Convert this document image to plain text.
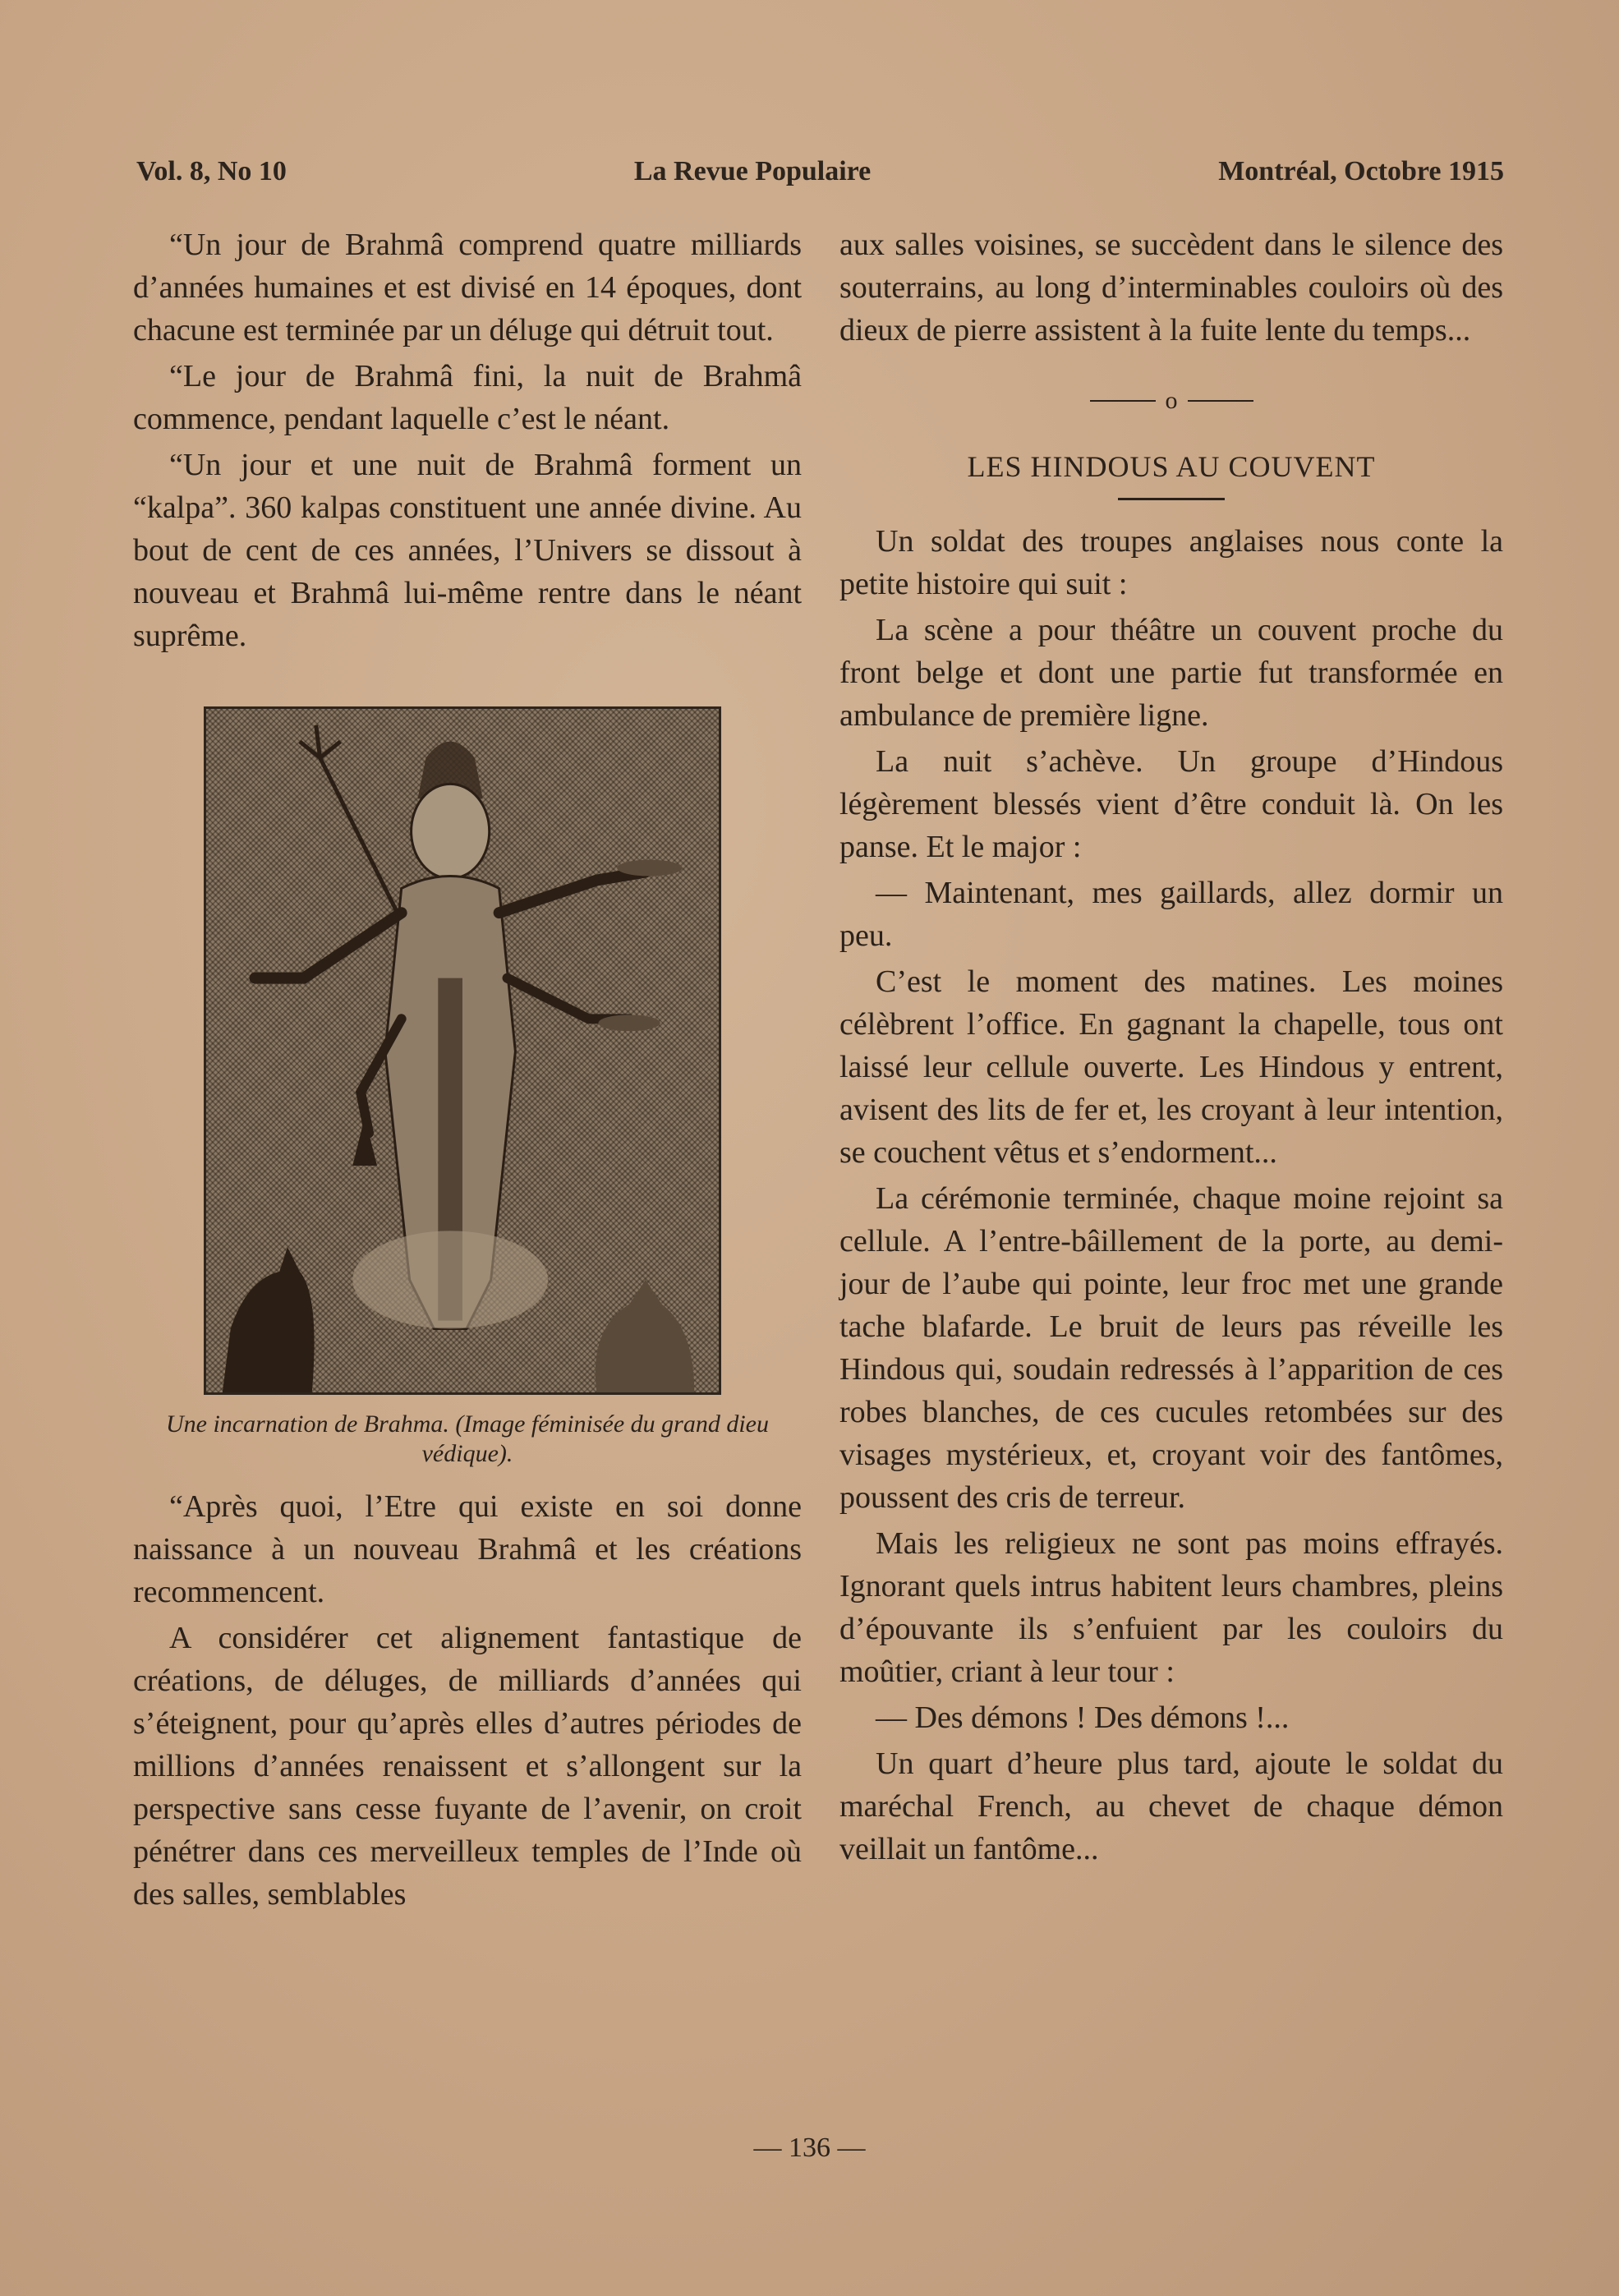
Vol. 8, No 10	La Revue Populaire	Montréal, Octobre 1915

“Un jour de Brahmâ comprend quatre milliards d’années humaines et est divisé en 14 époques, dont chacune est terminée par un déluge qui détruit tout.

“Le jour de Brahmâ fini, la nuit de Brahmâ commence, pendant laquelle c’est le néant.

“Un jour et une nuit de Brahmâ forment un “kalpa”. 360 kalpas constituent une année divine. Au bout de cent de ces années, l’Univers se dissout à nouveau et Brahmâ lui-même rentre dans le néant suprême.

Une incarnation de Brahma. (Image féminisée du grand dieu védique).

“Après quoi, l’Etre qui existe en soi donne naissance à un nouveau Brahmâ et les créations recommencent.

A considérer cet alignement fantastique de créations, de déluges, de milliards d’années qui s’éteignent, pour qu’après elles d’autres périodes de millions d’années renaissent et s’allongent sur la perspective sans cesse fuyante de l’avenir, on croit pénétrer dans ces merveilleux temples de l’Inde où des salles, semblables

aux salles voisines, se succèdent dans le silence des souterrains, au long d’interminables couloirs où des dieux de pierre assistent à la fuite lente du temps...

o
LES HINDOUS AU COUVENT

Un soldat des troupes anglaises nous conte la petite histoire qui suit :

La scène a pour théâtre un couvent proche du front belge et dont une partie fut transformée en ambulance de première ligne.

La nuit s’achève. Un groupe d’Hindous légèrement blessés vient d’être conduit là. On les panse. Et le major :

— Maintenant, mes gaillards, allez dormir un peu.

C’est le moment des matines. Les moines célèbrent l’office. En gagnant la chapelle, tous ont laissé leur cellule ouverte. Les Hindous y entrent, avisent des lits de fer et, les croyant à leur intention, se couchent vêtus et s’endorment...

La cérémonie terminée, chaque moine rejoint sa cellule. A l’entre-bâillement de la porte, au demi-jour de l’aube qui pointe, leur froc met une grande tache blafarde. Le bruit de leurs pas réveille les Hindous qui, soudain redressés à l’apparition de ces robes blanches, de ces cucules retombées sur des visages mystérieux, et, croyant voir des fantômes, poussent des cris de terreur.

Mais les religieux ne sont pas moins effrayés. Ignorant quels intrus habitent leurs chambres, pleins d’épouvante ils s’enfuient par les couloirs du moûtier, criant à leur tour :

— Des démons ! Des démons !...

Un quart d’heure plus tard, ajoute le soldat du maréchal French, au chevet de chaque démon veillait un fantôme...

— 136 —
